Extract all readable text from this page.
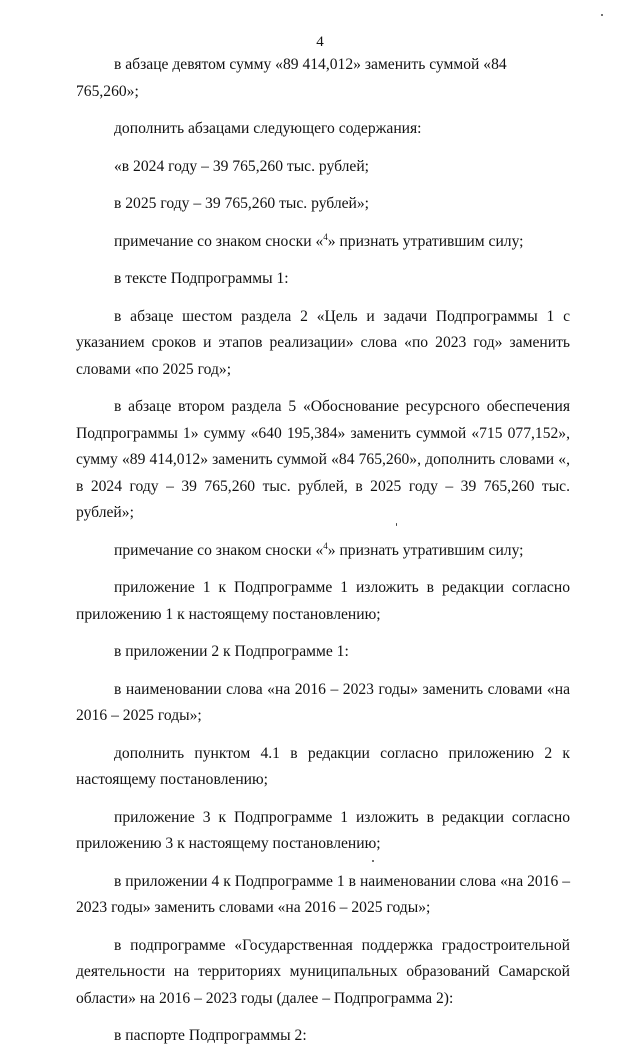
4

в абзаце девятом сумму «89 414,012» заменить суммой «84 765,260»;

дополнить абзацами следующего содержания:

«в 2024 году – 39 765,260 тыс. рублей;

в 2025 году – 39 765,260 тыс. рублей»;

примечание со знаком сноски «$^4$» признать утратившим силу;

в тексте Подпрограммы 1:

в абзаце шестом раздела 2 «Цель и задачи Подпрограммы 1 с указанием сроков и этапов реализации» слова «по 2023 год» заменить словами «по 2025 год»;

в абзаце втором раздела 5 «Обоснование ресурсного обеспечения Подпрограммы 1» сумму «640 195,384» заменить суммой «715 077,152», сумму «89 414,012» заменить суммой «84 765,260», дополнить словами «, в 2024 году – 39 765,260 тыс. рублей, в 2025 году – 39 765,260 тыс. рублей»;

примечание со знаком сноски «$^4$» признать утратившим силу;

приложение 1 к Подпрограмме 1 изложить в редакции согласно приложению 1 к настоящему постановлению;

в приложении 2 к Подпрограмме 1:

в наименовании слова «на 2016 – 2023 годы» заменить словами «на 2016 – 2025 годы»;

дополнить пунктом 4.1 в редакции согласно приложению 2 к настоящему постановлению;

приложение 3 к Подпрограмме 1 изложить в редакции согласно приложению 3 к настоящему постановлению;

в приложении 4 к Подпрограмме 1 в наименовании слова «на 2016 – 2023 годы» заменить словами «на 2016 – 2025 годы»;

в подпрограмме «Государственная поддержка градостроительной деятельности на территориях муниципальных образований Самарской области» на 2016 – 2023 годы (далее – Подпрограмма 2):

в паспорте Подпрограммы 2:
